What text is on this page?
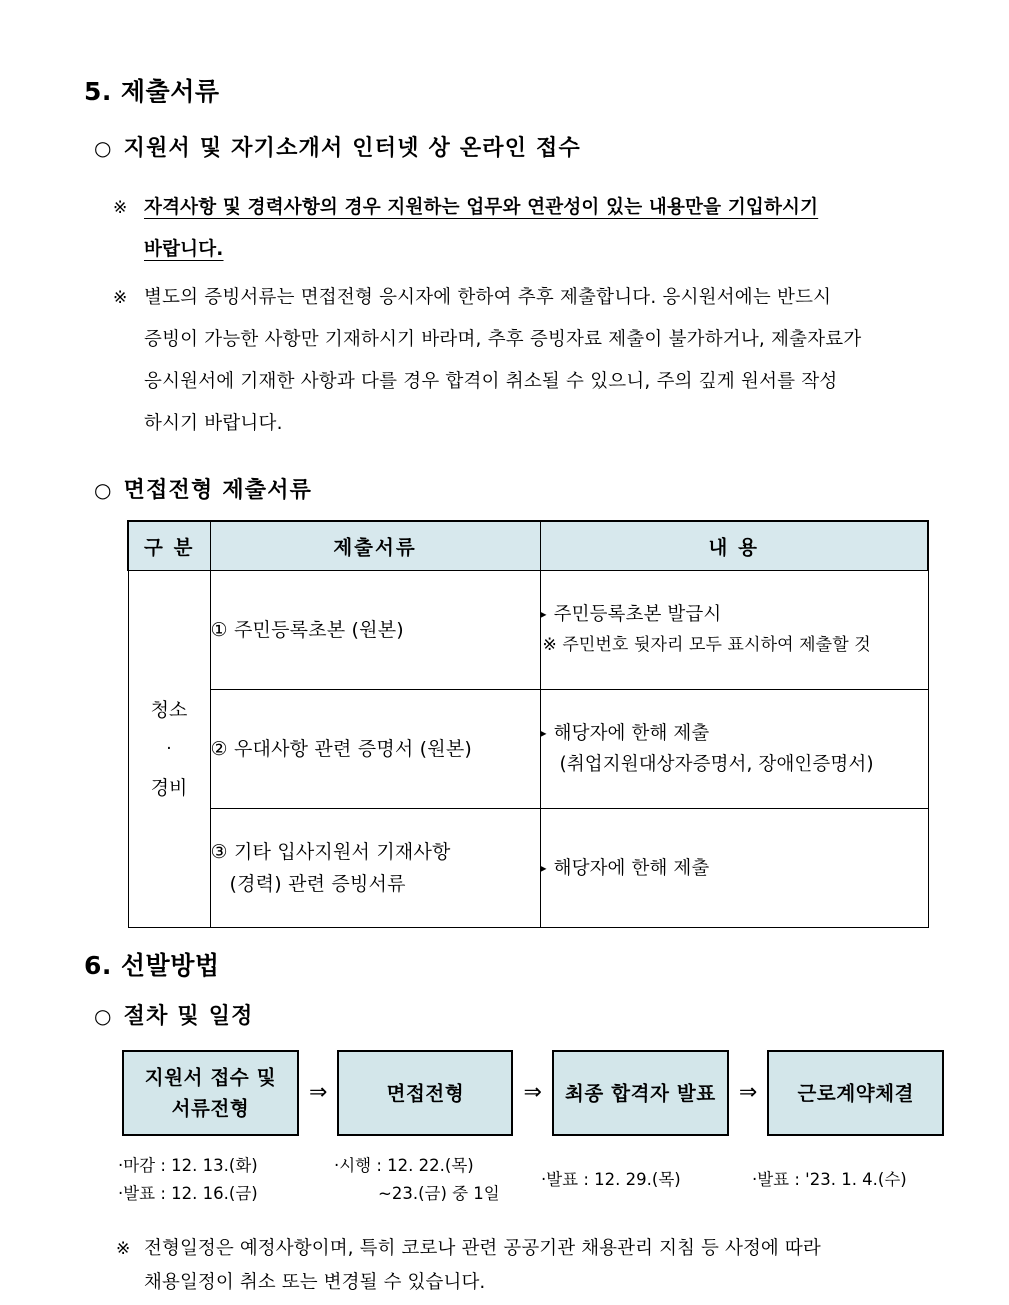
5. 제출서류
○ 지원서 및 자기소개서 인터넷 상 온라인 접수
※ 자격사항 및 경력사항의 경우 지원하는 업무와 연관성이 있는 내용만을 기입하시기
바랍니다.
※ 별도의 증빙서류는 면접전형 응시자에 한하여 추후 제출합니다. 응시원서에는 반드시
증빙이 가능한 사항만 기재하시기 바라며, 추후 증빙자료 제출이 불가하거나, 제출자료가
응시원서에 기재한 사항과 다를 경우 합격이 취소될 수 있으니, 주의 깊게 원서를 작성
하시기 바랍니다.
○ 면접전형 제출서류
구 분	제출서류	내 용

청소
·
경비	① 주민등록초본 (원본)	▸ 주민등록초본 발급시
※ 주민번호 뒷자리 모두 표시하여 제출할 것

	② 우대사항 관련 증명서 (원본)	▸ 해당자에 한해 제출
(취업지원대상자증명서, 장애인증명서)

	③ 기타 입사지원서 기재사항
(경력) 관련 증빙서류	▸ 해당자에 한해 제출
6. 선발방법
○ 절차 및 일정
지원서 접수 및
서류전형
⇒	면접전형	⇒	최종 합격자 발표	⇒	근로계약체결
·마감 : 12. 13.(화)
·발표 : 12. 16.(금)
·시행 : 12. 22.(목)
~23.(금) 중 1일
·발표 : 12. 29.(목)	·발표 : '23. 1. 4.(수)
※ 전형일정은 예정사항이며, 특히 코로나 관련 공공기관 채용관리 지침 등 사정에 따라
채용일정이 취소 또는 변경될 수 있습니다.
